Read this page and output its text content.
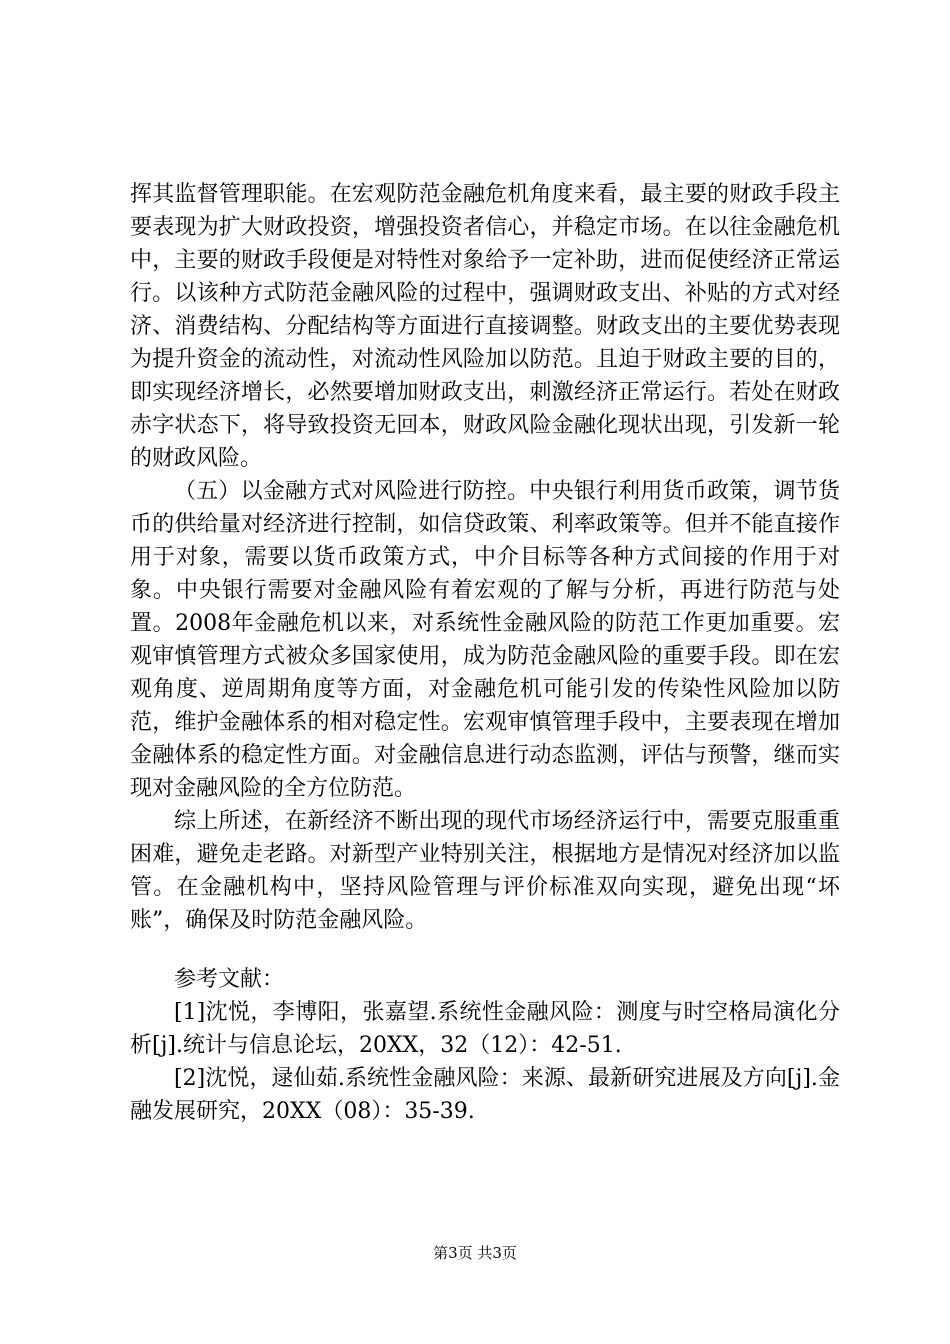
挥其监督管理职能。在宏观防范金融危机角度来看，最主要的财政手段主要表现为扩大财政投资，增强投资者信心，并稳定市场。在以往金融危机中，主要的财政手段便是对特性对象给予一定补助，进而促使经济正常运行。以该种方式防范金融风险的过程中，强调财政支出、补贴的方式对经济、消费结构、分配结构等方面进行直接调整。财政支出的主要优势表现为提升资金的流动性，对流动性风险加以防范。且迫于财政主要的目的，即实现经济增长，必然要增加财政支出，刺激经济正常运行。若处在财政赤字状态下，将导致投资无回本，财政风险金融化现状出现，引发新一轮的财政风险。

（五）以金融方式对风险进行防控。中央银行利用货币政策，调节货币的供给量对经济进行控制，如信贷政策、利率政策等。但并不能直接作用于对象，需要以货币政策方式，中介目标等各种方式间接的作用于对象。中央银行需要对金融风险有着宏观的了解与分析，再进行防范与处置。2008年金融危机以来，对系统性金融风险的防范工作更加重要。宏观审慎管理方式被众多国家使用，成为防范金融风险的重要手段。即在宏观角度、逆周期角度等方面，对金融危机可能引发的传染性风险加以防范，维护金融体系的相对稳定性。宏观审慎管理手段中，主要表现在增加金融体系的稳定性方面。对金融信息进行动态监测，评估与预警，继而实现对金融风险的全方位防范。

综上所述，在新经济不断出现的现代市场经济运行中，需要克服重重困难，避免走老路。对新型产业特别关注，根据地方是情况对经济加以监管。在金融机构中，坚持风险管理与评价标准双向实现，避免出现“坏账”，确保及时防范金融风险。

参考文献：

[1]沈悦，李博阳，张嘉望.系统性金融风险：测度与时空格局演化分析[j].统计与信息论坛，20XX，32（12）：42-51.

[2]沈悦，逯仙茹.系统性金融风险：来源、最新研究进展及方向[j].金融发展研究，20XX（08）：35-39.

第3页 共3页
